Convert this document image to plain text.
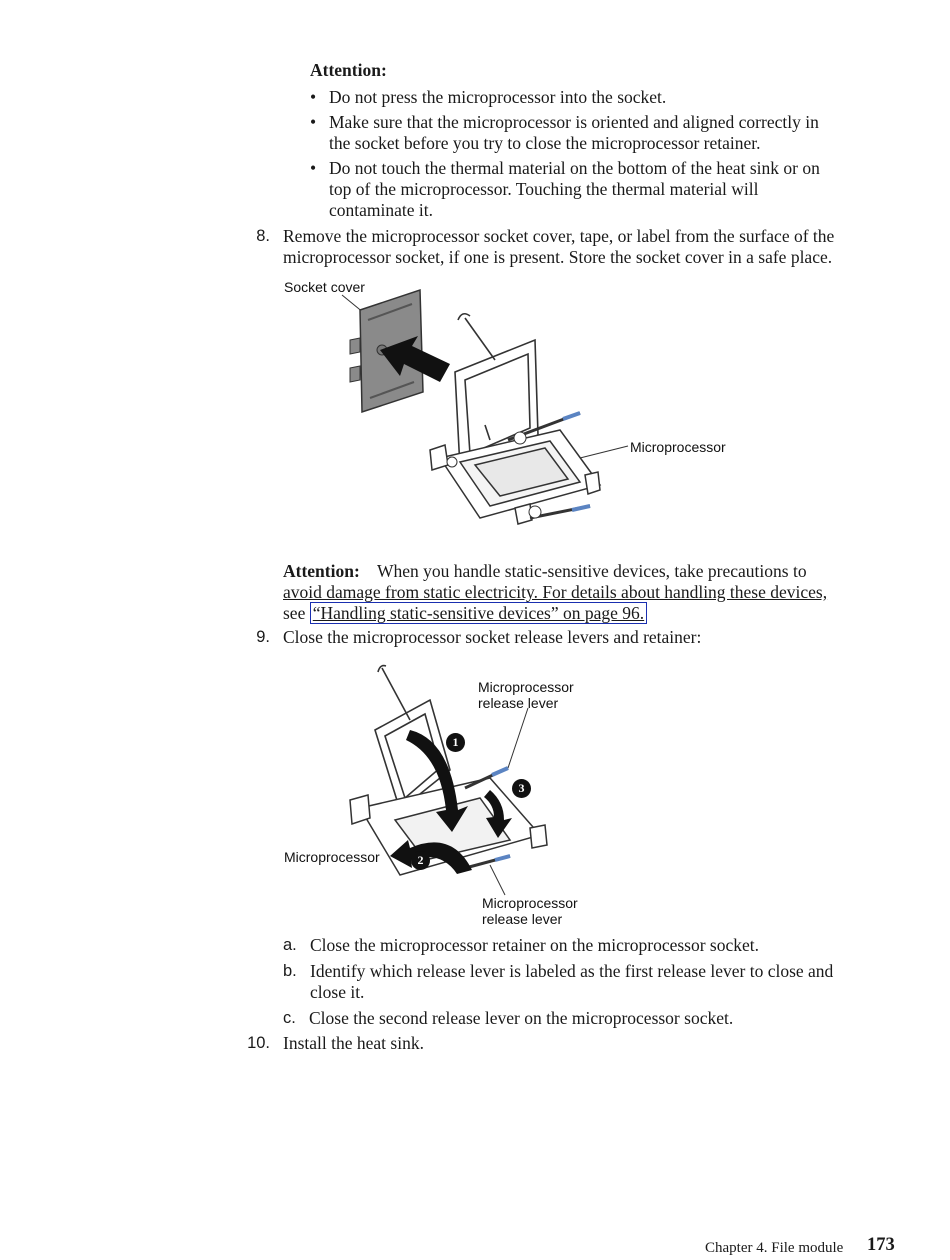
Attention:
• Do not press the microprocessor into the socket.
• Make sure that the microprocessor is oriented and aligned correctly in
the socket before you try to close the microprocessor retainer.
• Do not touch the thermal material on the bottom of the heat sink or on
top of the microprocessor. Touching the thermal material will
contaminate it.
8. Remove the microprocessor socket cover, tape, or label from the surface of the
microprocessor socket, if one is present. Store the socket cover in a safe place.
Socket cover
Microprocessor
Attention: When you handle static-sensitive devices, take precautions to
avoid damage from static electricity. For details about handling these devices,
see “Handling static-sensitive devices” on page 96.
9. Close the microprocessor socket release levers and retainer:
Microprocessor
release lever
Microprocessor
Microprocessor
release lever
1
2
3
a. Close the microprocessor retainer on the microprocessor socket.
b. Identify which release lever is labeled as the first release lever to close and
close it.
c. Close the second release lever on the microprocessor socket.
10. Install the heat sink.
Chapter 4. File module 173
